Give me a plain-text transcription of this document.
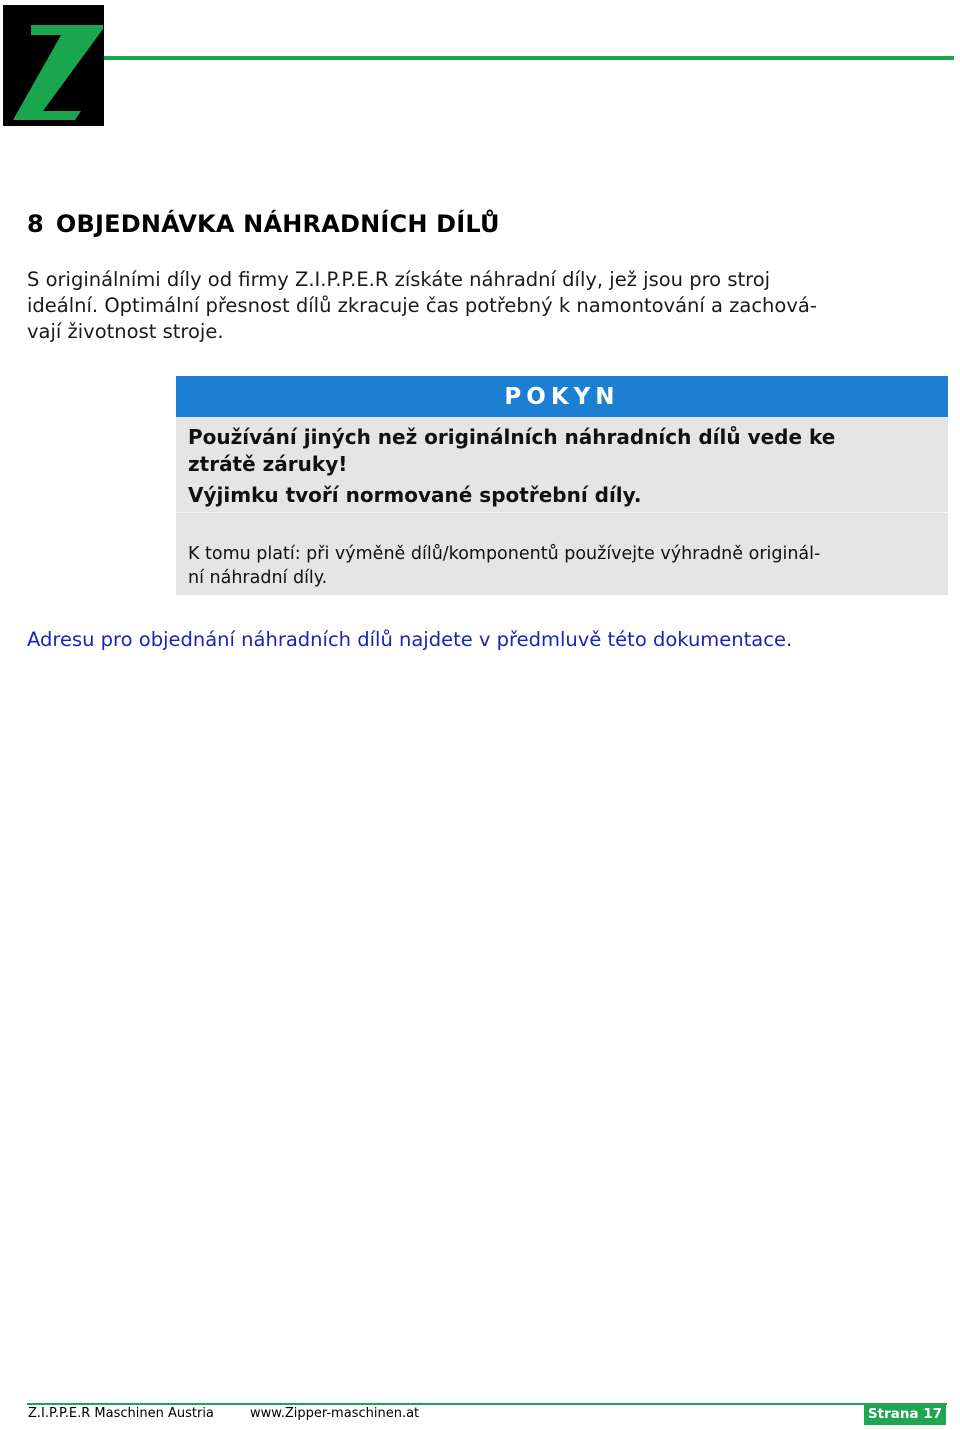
8 OBJEDNÁVKA NÁHRADNÍCH DÍLŮ

S originálními díly od firmy Z.I.P.P.E.R získáte náhradní díly, jež jsou pro stroj
ideální. Optimální přesnost dílů zkracuje čas potřebný k namontování a zachová-
vají životnost stroje.

POKYN
Používání jiných než originálních náhradních dílů vede ke
ztrátě záruky!
Výjimku tvoří normované spotřební díly.
K tomu platí: při výměně dílů/komponentů používejte výhradně originál-
ní náhradní díly.

Adresu pro objednání náhradních dílů najdete v předmluvě této dokumentace.

Z.I.P.P.E.R Maschinen Austria	www.Zipper-maschinen.at	Strana 17
